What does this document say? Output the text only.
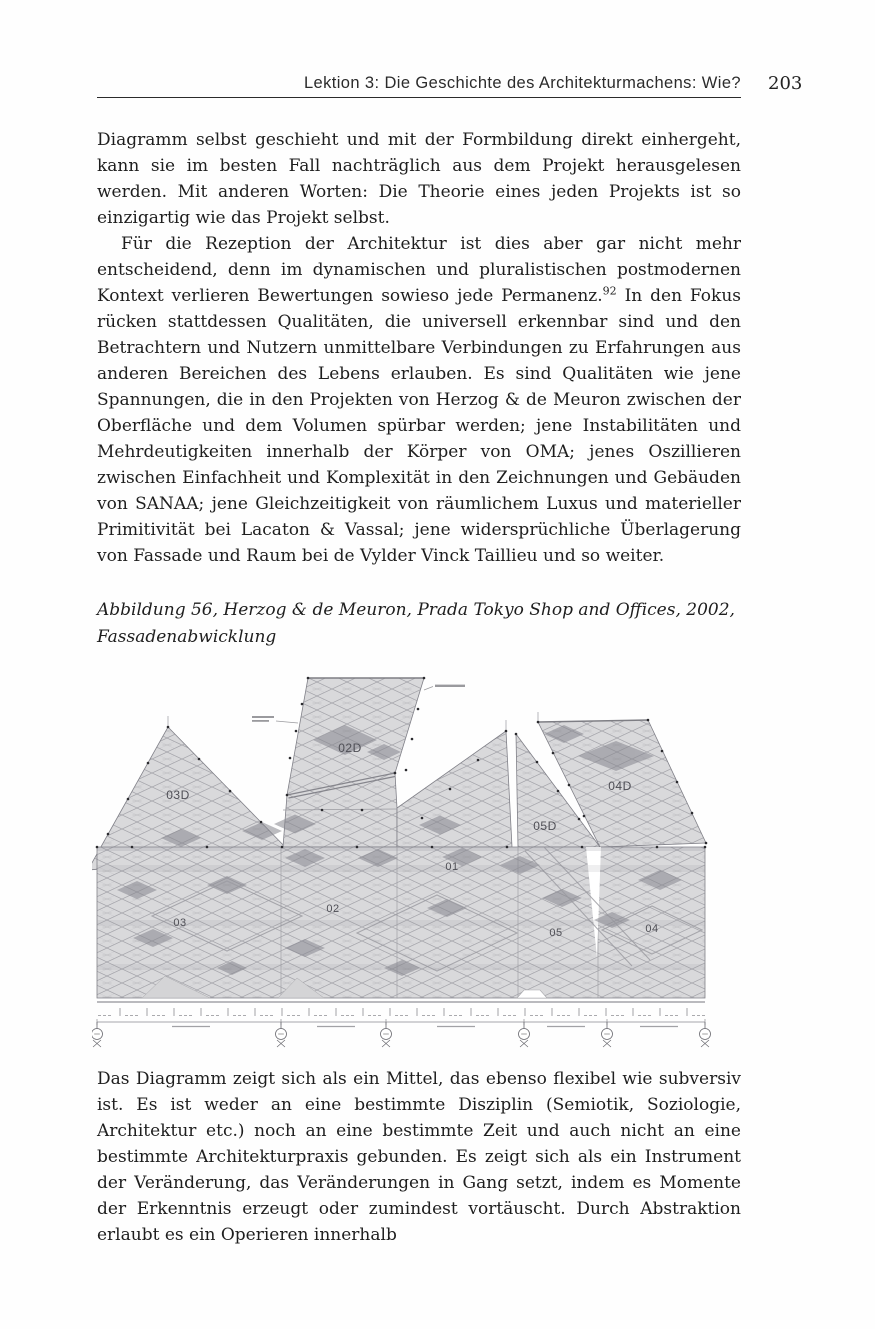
Lektion 3: Die Geschichte des Architekturmachens: Wie? 203

Diagramm selbst geschieht und mit der Formbildung direkt einhergeht, kann sie im besten Fall nachträglich aus dem Projekt herausgelesen werden. Mit anderen Worten: Die Theorie eines jeden Projekts ist so einzigartig wie das Projekt selbst.

Für die Rezeption der Architektur ist dies aber gar nicht mehr entscheidend, denn im dynamischen und pluralistischen postmodernen Kontext verlieren Bewertungen sowieso jede Permanenz.$^{92}$ In den Fokus rücken stattdessen Qualitäten, die universell erkennbar sind und den Betrachtern und Nutzern unmittelbare Verbindungen zu Erfahrungen aus anderen Bereichen des Lebens erlauben. Es sind Qualitäten wie jene Spannungen, die in den Projekten von Herzog & de Meuron zwischen der Oberfläche und dem Volumen spürbar werden; jene Instabilitäten und Mehrdeutigkeiten innerhalb der Körper von OMA; jenes Oszillieren zwischen Einfachheit und Komplexität in den Zeichnungen und Gebäuden von SANAA; jene Gleichzeitigkeit von räumlichem Luxus und materieller Primitivität bei Lacaton & Vassal; jene widersprüchliche Überlagerung von Fassade und Raum bei de Vylder Vinck Taillieu und so weiter.

Abbildung 56, Herzog & de Meuron, Prada Tokyo Shop and Offices, 2002, Fassadenabwicklung

03D
02D
04D
05D
01
02
03
05	04

Das Diagramm zeigt sich als ein Mittel, das ebenso flexibel wie subversiv ist. Es ist weder an eine bestimmte Disziplin (Semiotik, Soziologie, Architektur etc.) noch an eine bestimmte Zeit und auch nicht an eine bestimmte Architekturpraxis gebunden. Es zeigt sich als ein Instrument der Veränderung, das Veränderungen in Gang setzt, indem es Momente der Erkenntnis erzeugt oder zumindest vortäuscht. Durch Abstraktion erlaubt es ein Operieren innerhalb
